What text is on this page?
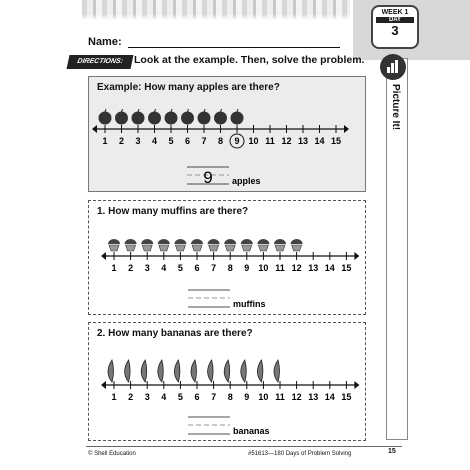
WEEK 1
DAY
3
Picture It!
Name:
DIRECTIONS: Look at the example. Then, solve the problem.
Example: How many apples are there?
1 2 3 4 5 6 7 8 9 10 11 12 13 14 15
9 apples
1. How many muffins are there?
1 2 3 4 5 6 7 8 9 10 11 12 13 14 15
muffins
2. How many bananas are there?
1 2 3 4 5 6 7 8 9 10 11 12 13 14 15
bananas
© Shell Education	#51613—180 Days of Problem Solving	15
